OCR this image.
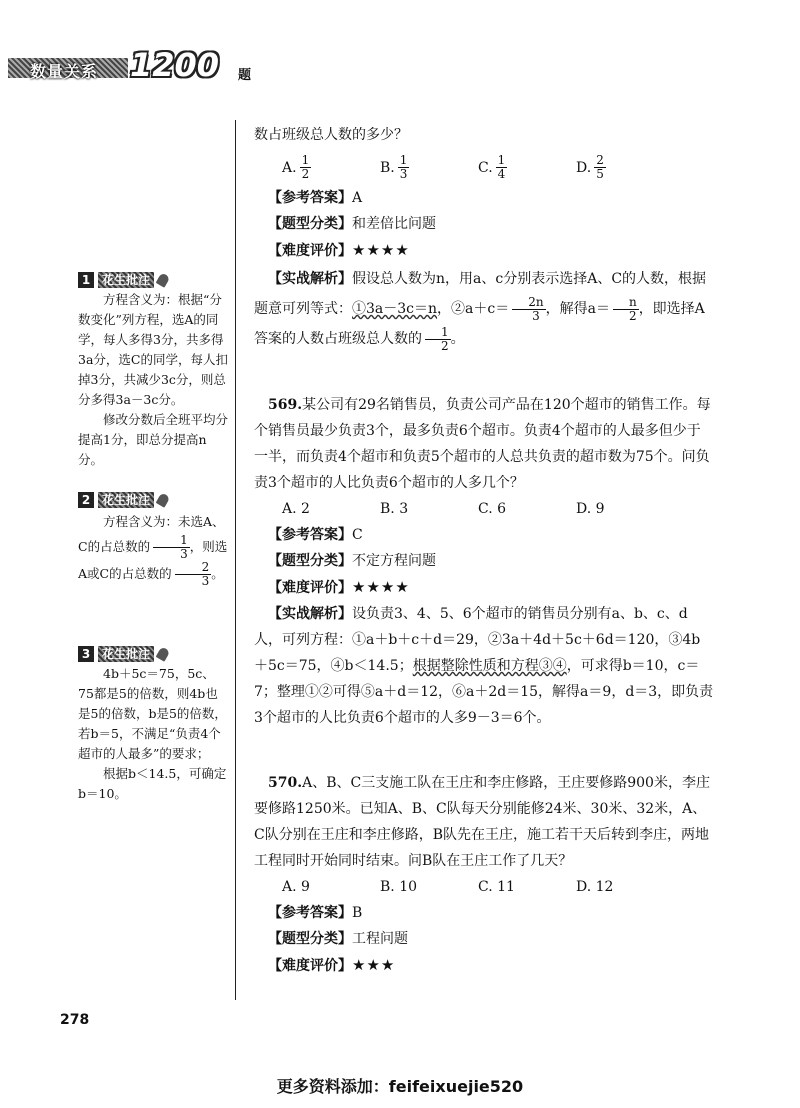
数量关系 1200 题
1 花生批注

方程含义为：根据“分数变化”列方程，选A的同学，每人多得3分，共多得3a分，选C的同学，每人扣掉3分，共减少3c分，则总分多得3a－3c分。

修改分数后全班平均分提高1分，即总分提高n分。

2 花生批注

方程含义为：未选A、C的占总数的 $\frac{1}{3}$ ，则选A或C的占总数的 $\frac{2}{3}$ 。

3 花生批注

4b＋5c＝75，5c、75都是5的倍数，则4b也是5的倍数，b是5的倍数，若b＝5，不满足“负责4个超市的人最多”的要求；

根据b＜14.5，可确定b＝10。

数占班级总人数的多少？

A. $\frac{1}{2}$	B. $\frac{1}{3}$	C. $\frac{1}{4}$	D. $\frac{2}{5}$

【参考答案】A

【题型分类】和差倍比问题

【难度评价】★★★★

【实战解析】假设总人数为n，用a、c分别表示选择A、C的人数，根据题意可列等式：①3a－3c＝n，②a＋c＝ $\frac{2n}{3}$ ，解得$a= \frac{n}{2}$ ，即选择A答案的人数占班级总人数的 $\frac{1}{2}$ 。

569.某公司有29名销售员，负责公司产品在120个超市的销售工作。每个销售员最少负责3个，最多负责6个超市。负责4个超市的人最多但少于一半，而负责4个超市和负责5个超市的人总共负责的超市数为75个。问负责3个超市的人比负责6个超市的人多几个？

A. 2	B. 3	C. 6	D. 9

【参考答案】C

【题型分类】不定方程问题

【难度评价】★★★★

【实战解析】设负责3、4、5、6个超市的销售员分别有a、b、c、d人，可列方程：①a＋b＋c＋d＝29，②3a＋4d＋5c＋6d＝120，③4b＋5c＝75，④b＜14.5；根据整除性质和方程③④，可求得b＝10，c＝7；整理①②可得⑤a＋d＝12，⑥a＋2d＝15，解得a＝9，d＝3，即负责3个超市的人比负责6个超市的人多9－3＝6个。

570.A、B、C三支施工队在王庄和李庄修路，王庄要修路900米，李庄要修路1250米。已知A、B、C队每天分别能修24米、30米、32米，A、C队分别在王庄和李庄修路，B队先在王庄，施工若干天后转到李庄，两地工程同时开始同时结束。问B队在王庄工作了几天？

A. 9	B. 10	C. 11	D. 12

【参考答案】B

【题型分类】工程问题

【难度评价】★★★

278
更多资料添加：feifeixuejie520
